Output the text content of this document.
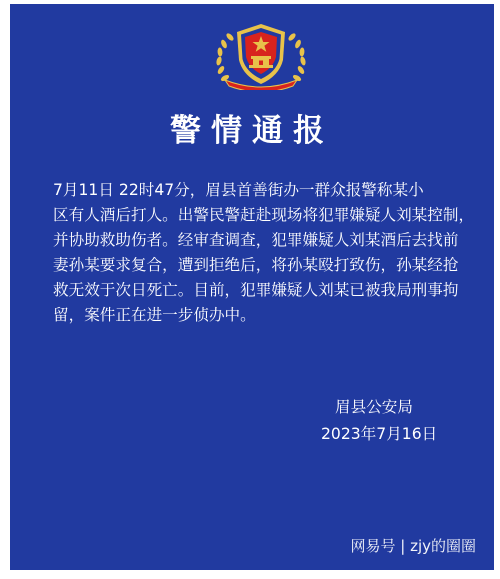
警情通报

7月11日 22时47分，眉县首善街办一群众报警称某小
区有人酒后打人。出警民警赶赴现场将犯罪嫌疑人刘某控制，
并协助救助伤者。经审查调查，犯罪嫌疑人刘某酒后去找前
妻孙某要求复合，遭到拒绝后，将孙某殴打致伤，孙某经抢
救无效于次日死亡。目前，犯罪嫌疑人刘某已被我局刑事拘
留，案件正在进一步侦办中。

眉县公安局
2023年7月16日
网易号 | zjy的圈圈
